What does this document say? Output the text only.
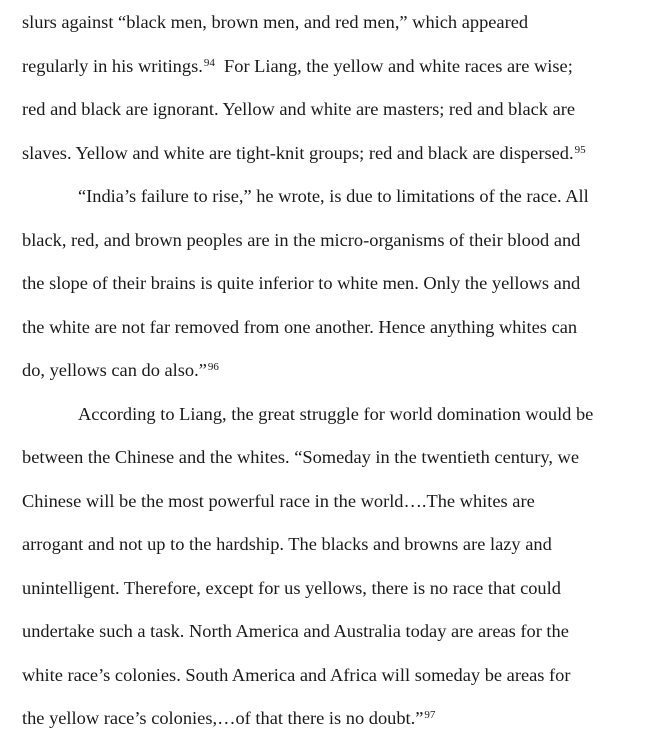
slurs against “black men, brown men, and red men,” which appeared
regularly in his writings.$^{94}$  For Liang, the yellow and white races are wise;
red and black are ignorant. Yellow and white are masters; red and black are
slaves. Yellow and white are tight-knit groups; red and black are dispersed.$^{95}$
“India’s failure to rise,” he wrote, is due to limitations of the race. All
black, red, and brown peoples are in the micro-organisms of their blood and
the slope of their brains is quite inferior to white men. Only the yellows and
the white are not far removed from one another. Hence anything whites can
do, yellows can do also.”$^{96}$
According to Liang, the great struggle for world domination would be
between the Chinese and the whites. “Someday in the twentieth century, we
Chinese will be the most powerful race in the world….The whites are
arrogant and not up to the hardship. The blacks and browns are lazy and
unintelligent. Therefore, except for us yellows, there is no race that could
undertake such a task. North America and Australia today are areas for the
white race’s colonies. South America and Africa will someday be areas for
the yellow race’s colonies,…of that there is no doubt.”$^{97}$
